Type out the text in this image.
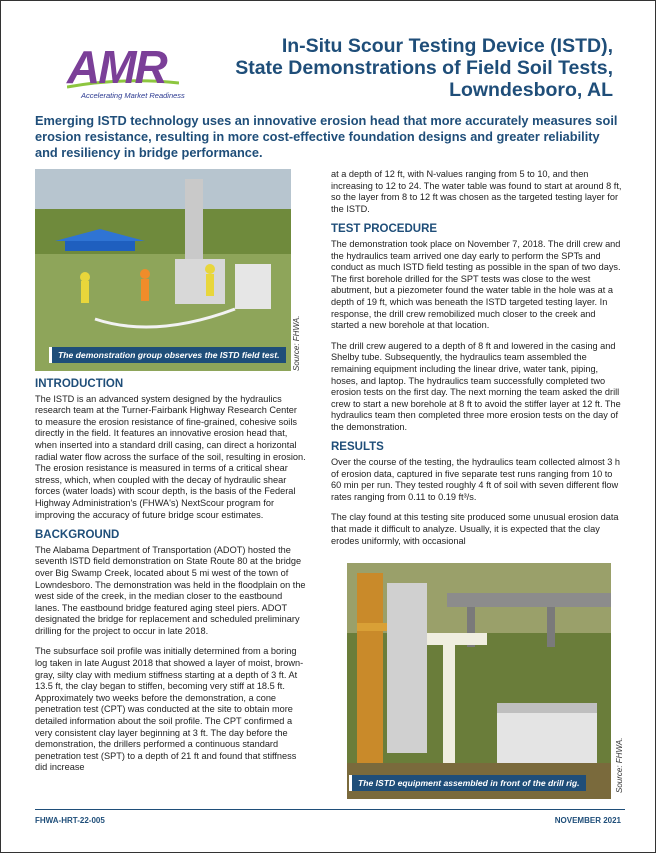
AMR
Accelerating Market Readiness
In-Situ Scour Testing Device (ISTD),
State Demonstrations of Field Soil Tests,
Lowndesboro, AL
Emerging ISTD technology uses an innovative erosion head that more accurately measures soil erosion resistance, resulting in more cost-effective foundation designs and greater reliability and resiliency in bridge performance.
The demonstration group observes the ISTD field test.	Source: FHWA.
INTRODUCTION

The ISTD is an advanced system designed by the hydraulics research team at the Turner-Fairbank Highway Research Center to measure the erosion resistance of fine-grained, cohesive soils directly in the field. It features an innovative erosion head that, when inserted into a standard drill casing, can direct a horizontal radial water flow across the surface of the soil, resulting in erosion. The erosion resistance is measured in terms of a critical shear stress, which, when coupled with the decay of hydraulic shear forces (water loads) with scour depth, is the basis of the Federal Highway Administration's (FHWA's) NextScour program for improving the accuracy of future bridge scour estimates.

BACKGROUND

The Alabama Department of Transportation (ADOT) hosted the seventh ISTD field demonstration on State Route 80 at the bridge over Big Swamp Creek, located about 5 mi west of the town of Lowndesboro. The demonstration was held in the floodplain on the west side of the creek, in the median closer to the eastbound lanes. The eastbound bridge featured aging steel piers. ADOT designated the bridge for replacement and scheduled preliminary drilling for the project to occur in late 2018.

The subsurface soil profile was initially determined from a boring log taken in late August 2018 that showed a layer of moist, brown-gray, silty clay with medium stiffness starting at a depth of 3 ft. At 13.5 ft, the clay began to stiffen, becoming very stiff at 18.5 ft. Approximately two weeks before the demonstration, a cone penetration test (CPT) was conducted at the site to obtain more detailed information about the soil profile. The CPT confirmed a very consistent clay layer beginning at 3 ft. The day before the demonstration, the drillers performed a continuous standard penetration test (SPT) to a depth of 21 ft and found that stiffness did increase

at a depth of 12 ft, with N-values ranging from 5 to 10, and then increasing to 12 to 24. The water table was found to start at around 8 ft, so the layer from 8 to 12 ft was chosen as the targeted testing layer for the ISTD.

TEST PROCEDURE

The demonstration took place on November 7, 2018. The drill crew and the hydraulics team arrived one day early to perform the SPTs and conduct as much ISTD field testing as possible in the span of two days. The first borehole drilled for the SPT tests was close to the west abutment, but a piezometer found the water table in the hole was at a depth of 19 ft, which was beneath the ISTD targeted testing layer. In response, the drill crew remobilized much closer to the creek and started a new borehole at that location.

The drill crew augered to a depth of 8 ft and lowered in the casing and Shelby tube. Subsequently, the hydraulics team assembled the remaining equipment including the linear drive, water tank, piping, hoses, and laptop. The hydraulics team successfully completed two erosion tests on the first day. The next morning the team asked the drill crew to start a new borehole at 8 ft to avoid the stiffer layer at 12 ft. The hydraulics team then completed three more erosion tests on the day of the demonstration.

RESULTS

Over the course of the testing, the hydraulics team collected almost 3 h of erosion data, captured in five separate test runs ranging from 10 to 60 min per run. They tested roughly 4 ft of soil with seven different flow rates ranging from 0.11 to 0.19 ft³/s.

The clay found at this testing site produced some unusual erosion data that made it difficult to analyze. Usually, it is expected that the clay erodes uniformly, with occasional

The ISTD equipment assembled in front of the drill rig.	Source: FHWA.
FHWA-HRT-22-005	NOVEMBER 2021
